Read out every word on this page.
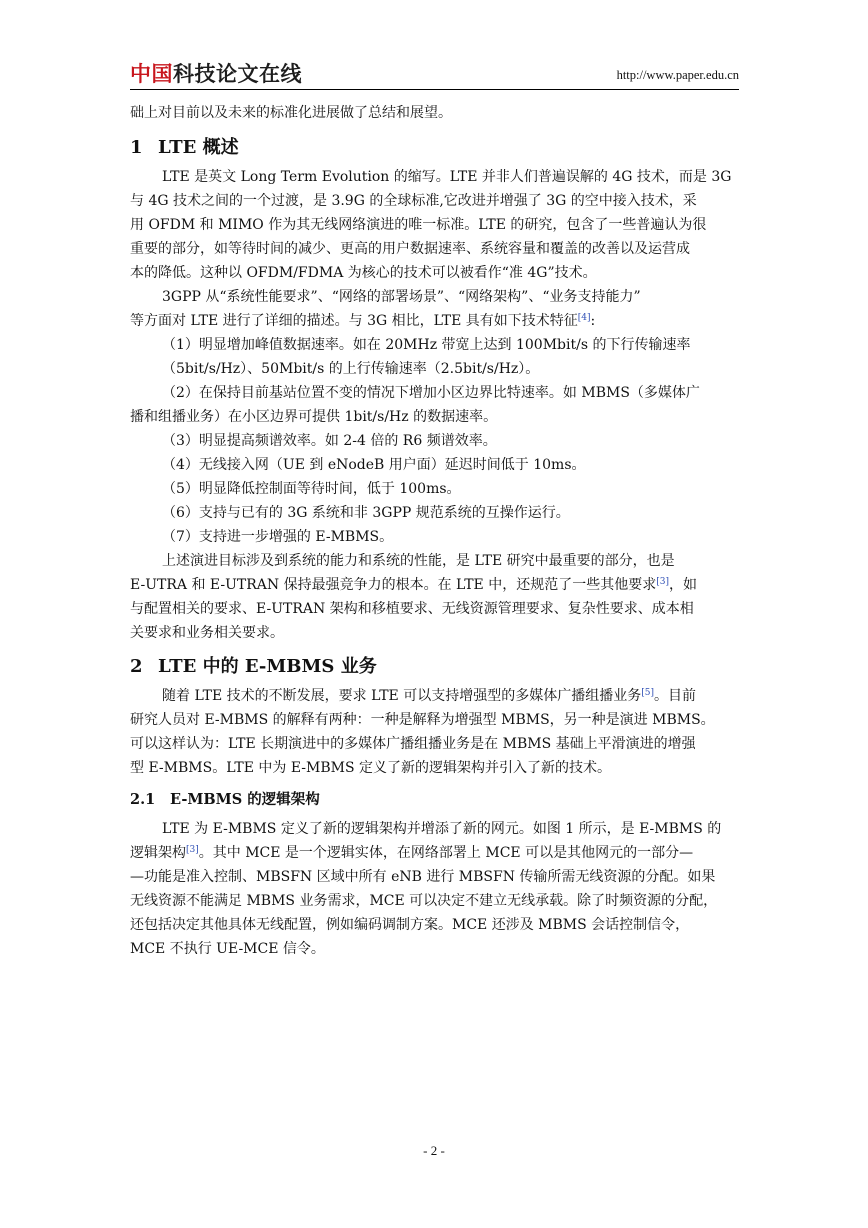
中国科技论文在线	http://www.paper.edu.cn
础上对目前以及未来的标准化进展做了总结和展望。
1 LTE 概述
LTE 是英文 Long Term Evolution 的缩写。LTE 并非人们普遍误解的 4G 技术，而是 3G
与 4G 技术之间的一个过渡，是 3.9G 的全球标准,它改进并增强了 3G 的空中接入技术，采
用 OFDM 和 MIMO 作为其无线网络演进的唯一标准。LTE 的研究，包含了一些普遍认为很
重要的部分，如等待时间的减少、更高的用户数据速率、系统容量和覆盖的改善以及运营成
本的降低。这种以 OFDM/FDMA 为核心的技术可以被看作“准 4G”技术。
3GPP 从“系统性能要求”、“网络的部署场景”、“网络架构”、“业务支持能力”
等方面对 LTE 进行了详细的描述。与 3G 相比，LTE 具有如下技术特征[4]:
（1）明显增加峰值数据速率。如在 20MHz 带宽上达到 100Mbit/s 的下行传输速率
（5bit/s/Hz）、50Mbit/s 的上行传输速率（2.5bit/s/Hz）。
（2）在保持目前基站位置不变的情况下增加小区边界比特速率。如 MBMS（多媒体广
播和组播业务）在小区边界可提供 1bit/s/Hz 的数据速率。
（3）明显提高频谱效率。如 2-4 倍的 R6 频谱效率。
（4）无线接入网（UE 到 eNodeB 用户面）延迟时间低于 10ms。
（5）明显降低控制面等待时间，低于 100ms。
（6）支持与已有的 3G 系统和非 3GPP 规范系统的互操作运行。
（7）支持进一步增强的 E-MBMS。
上述演进目标涉及到系统的能力和系统的性能，是 LTE 研究中最重要的部分，也是
E-UTRA 和 E-UTRAN 保持最强竞争力的根本。在 LTE 中，还规范了一些其他要求[3]，如
与配置相关的要求、E-UTRAN 架构和移植要求、无线资源管理要求、复杂性要求、成本相
关要求和业务相关要求。
2 LTE 中的 E-MBMS 业务
随着 LTE 技术的不断发展，要求 LTE 可以支持增强型的多媒体广播组播业务[5]。目前
研究人员对 E-MBMS 的解释有两种：一种是解释为增强型 MBMS，另一种是演进 MBMS。
可以这样认为：LTE 长期演进中的多媒体广播组播业务是在 MBMS 基础上平滑演进的增强
型 E-MBMS。LTE 中为 E-MBMS 定义了新的逻辑架构并引入了新的技术。
2.1 E-MBMS 的逻辑架构
LTE 为 E-MBMS 定义了新的逻辑架构并增添了新的网元。如图 1 所示，是 E-MBMS 的
逻辑架构[3]。其中 MCE 是一个逻辑实体，在网络部署上 MCE 可以是其他网元的一部分—
—功能是准入控制、MBSFN 区域中所有 eNB 进行 MBSFN 传输所需无线资源的分配。如果
无线资源不能满足 MBMS 业务需求，MCE 可以决定不建立无线承载。除了时频资源的分配，
还包括决定其他具体无线配置，例如编码调制方案。MCE 还涉及 MBMS 会话控制信令，
MCE 不执行 UE-MCE 信令。
- 2 -
